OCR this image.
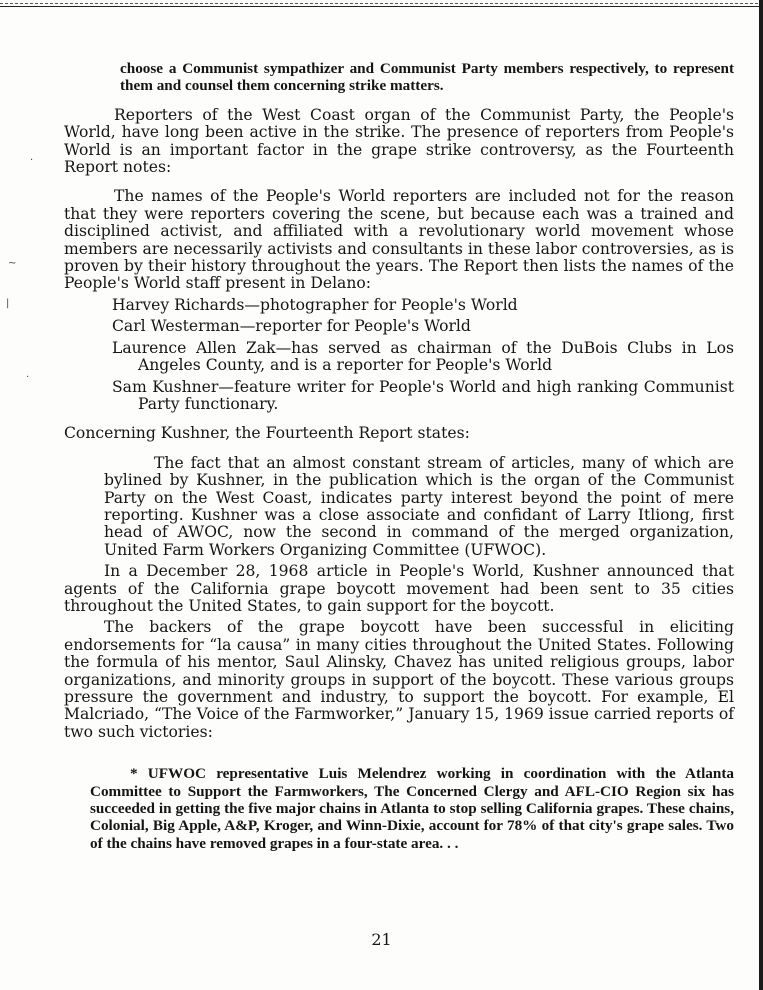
~
|
·
·

choose a Communist sympathizer and Communist Party members respectively, to represent them and counsel them concerning strike matters.

Reporters of the West Coast organ of the Communist Party, the People's World, have long been active in the strike. The presence of reporters from People's World is an important factor in the grape strike controversy, as the Fourteenth Report notes:

The names of the People's World reporters are included not for the reason that they were reporters covering the scene, but because each was a trained and disciplined activist, and affiliated with a revolutionary world movement whose members are necessarily activists and consultants in these labor controversies, as is proven by their history throughout the years. The Report then lists the names of the People's World staff present in Delano:

Harvey Richards—photographer for People's World

Carl Westerman—reporter for People's World

Laurence Allen Zak—has served as chairman of the DuBois Clubs in Los Angeles County, and is a reporter for People's World

Sam Kushner—feature writer for People's World and high ranking Communist Party functionary.

Concerning Kushner, the Fourteenth Report states:

The fact that an almost constant stream of articles, many of which are bylined by Kushner, in the publication which is the organ of the Communist Party on the West Coast, indicates party interest beyond the point of mere reporting. Kushner was a close associate and confidant of Larry Itliong, first head of AWOC, now the second in command of the merged organization, United Farm Workers Organizing Committee (UFWOC).

In a December 28, 1968 article in People's World, Kushner announced that agents of the California grape boycott movement had been sent to 35 cities throughout the United States, to gain support for the boycott.

The backers of the grape boycott have been successful in eliciting endorsements for “la causa” in many cities throughout the United States. Following the formula of his mentor, Saul Alinsky, Chavez has united religious groups, labor organizations, and minority groups in support of the boycott. These various groups pressure the government and industry, to support the boycott. For example, El Malcriado, “The Voice of the Farmworker,” January 15, 1969 issue carried reports of two such victories:

* UFWOC representative Luis Melendrez working in coordination with the Atlanta Committee to Support the Farmworkers, The Concerned Clergy and AFL-CIO Region six has succeeded in getting the five major chains in Atlanta to stop selling California grapes. These chains, Colonial, Big Apple, A&P, Kroger, and Winn-Dixie, account for 78% of that city's grape sales. Two of the chains have removed grapes in a four-state area. . .

21
